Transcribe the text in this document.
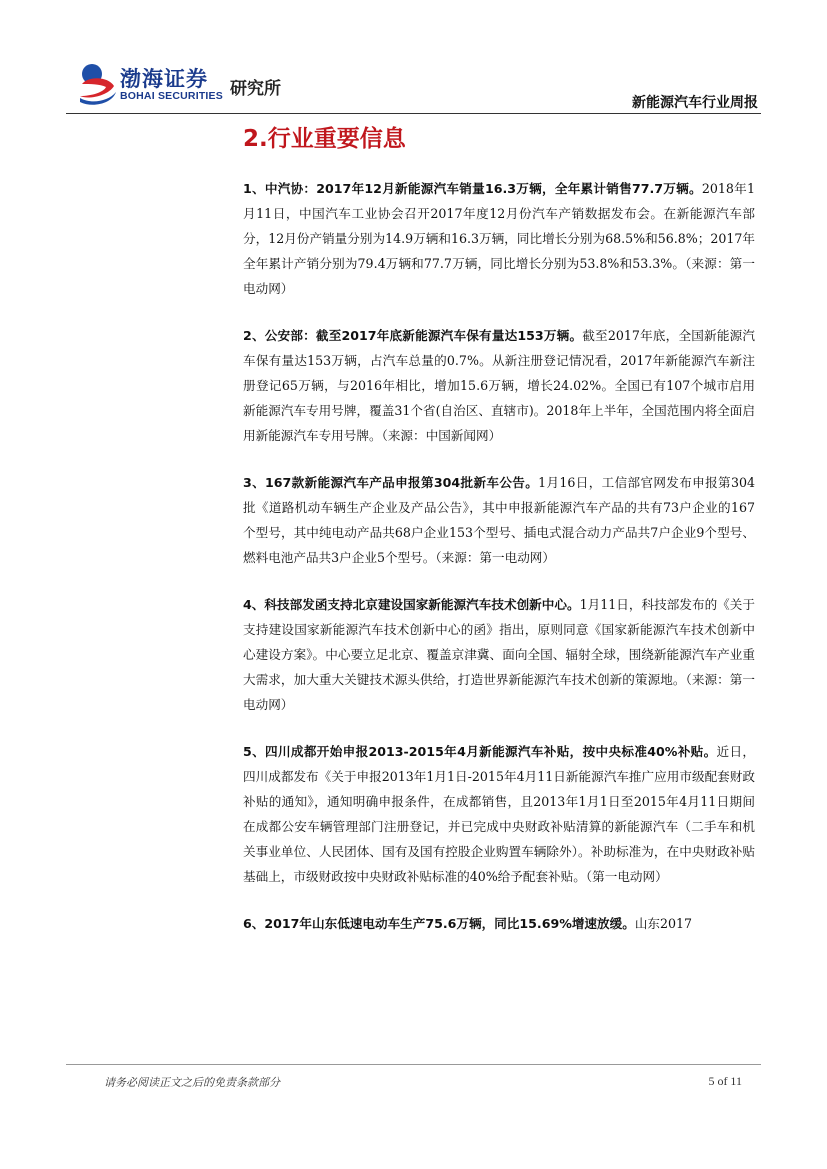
渤海证券
BOHAI SECURITIES 研究所
新能源汽车行业周报
2.行业重要信息
1、中汽协：2017年12月新能源汽车销量16.3万辆，全年累计销售77.7万辆。2018年1月11日，中国汽车工业协会召开2017年度12月份汽车产销数据发布会。在新能源汽车部分，12月份产销量分别为14.9万辆和16.3万辆，同比增长分别为68.5%和56.8%；2017年全年累计产销分别为79.4万辆和77.7万辆，同比增长分别为53.8%和53.3%。（来源：第一电动网）
2、公安部：截至2017年底新能源汽车保有量达153万辆。截至2017年底，全国新能源汽车保有量达153万辆，占汽车总量的0.7%。从新注册登记情况看，2017年新能源汽车新注册登记65万辆，与2016年相比，增加15.6万辆，增长24.02%。全国已有107个城市启用新能源汽车专用号牌，覆盖31个省(自治区、直辖市)。2018年上半年，全国范围内将全面启用新能源汽车专用号牌。（来源：中国新闻网）
3、167款新能源汽车产品申报第304批新车公告。1月16日，工信部官网发布申报第304批《道路机动车辆生产企业及产品公告》，其中申报新能源汽车产品的共有73户企业的167个型号，其中纯电动产品共68户企业153个型号、插电式混合动力产品共7户企业9个型号、燃料电池产品共3户企业5个型号。（来源：第一电动网）
4、科技部发函支持北京建设国家新能源汽车技术创新中心。1月11日，科技部发布的《关于支持建设国家新能源汽车技术创新中心的函》指出，原则同意《国家新能源汽车技术创新中心建设方案》。中心要立足北京、覆盖京津冀、面向全国、辐射全球，围绕新能源汽车产业重大需求，加大重大关键技术源头供给，打造世界新能源汽车技术创新的策源地。（来源：第一电动网）
5、四川成都开始申报2013-2015年4月新能源汽车补贴，按中央标准40%补贴。近日，四川成都发布《关于申报2013年1月1日-2015年4月11日新能源汽车推广应用市级配套财政补贴的通知》，通知明确申报条件，在成都销售，且2013年1月1日至2015年4月11日期间在成都公安车辆管理部门注册登记，并已完成中央财政补贴清算的新能源汽车（二手车和机关事业单位、人民团体、国有及国有控股企业购置车辆除外）。补助标准为，在中央财政补贴基础上，市级财政按中央财政补贴标准的40%给予配套补贴。（第一电动网）
6、2017年山东低速电动车生产75.6万辆，同比15.69%增速放缓。山东2017
请务必阅读正文之后的免责条款部分	5 of 11
